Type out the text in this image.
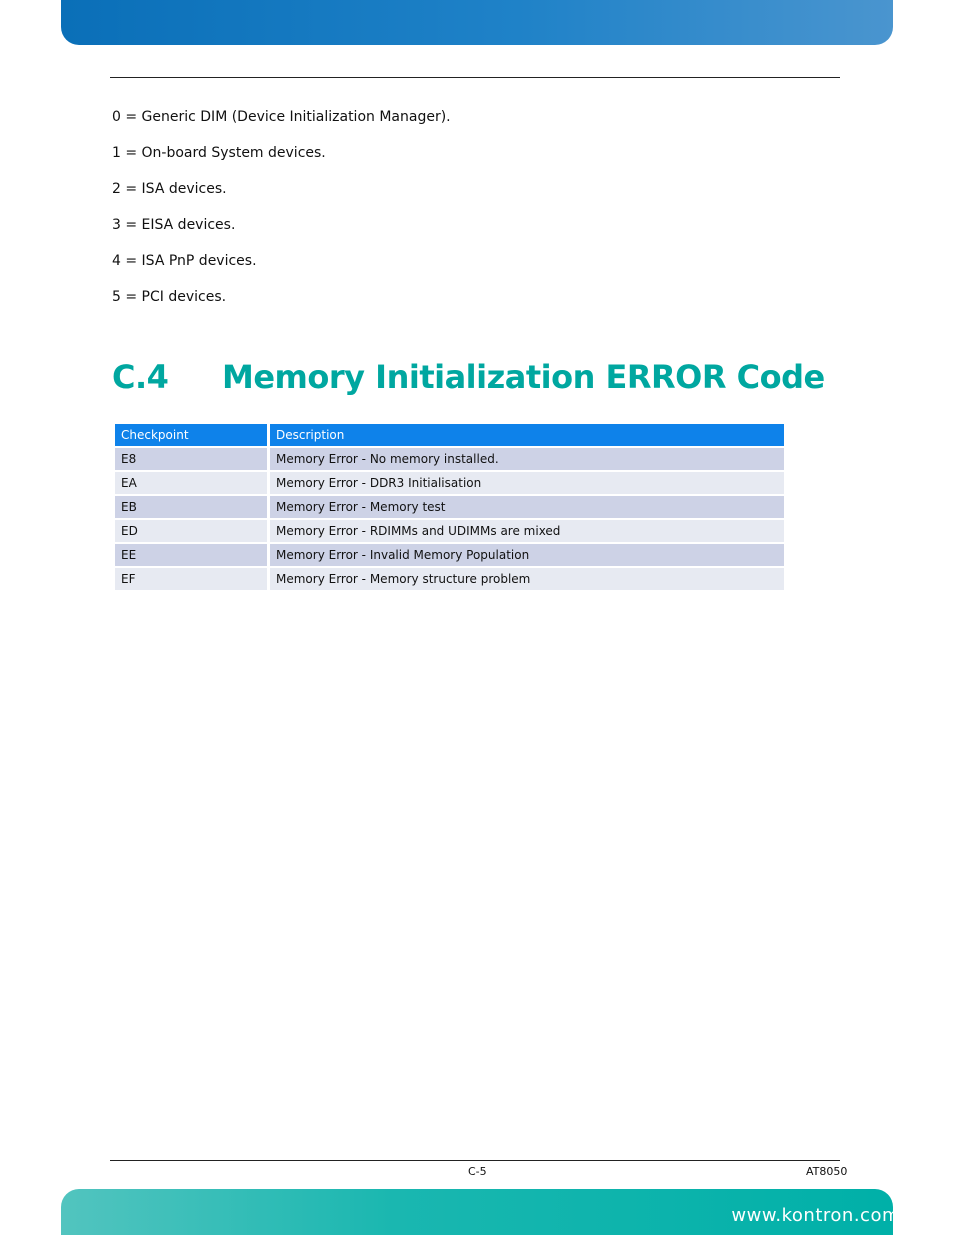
0 = Generic DIM (Device Initialization Manager).
1 = On-board System devices.
2 = ISA devices.
3 = EISA devices.
4 = ISA PnP devices.
5 = PCI devices.
C.4 Memory Initialization ERROR Code
Checkpoint	Description
E8	Memory Error - No memory installed.
EA	Memory Error - DDR3 Initialisation
EB	Memory Error - Memory test
ED	Memory Error - RDIMMs and UDIMMs are mixed
EE	Memory Error - Invalid Memory Population
EF	Memory Error - Memory structure problem
C-5	AT8050
www.kontron.com
